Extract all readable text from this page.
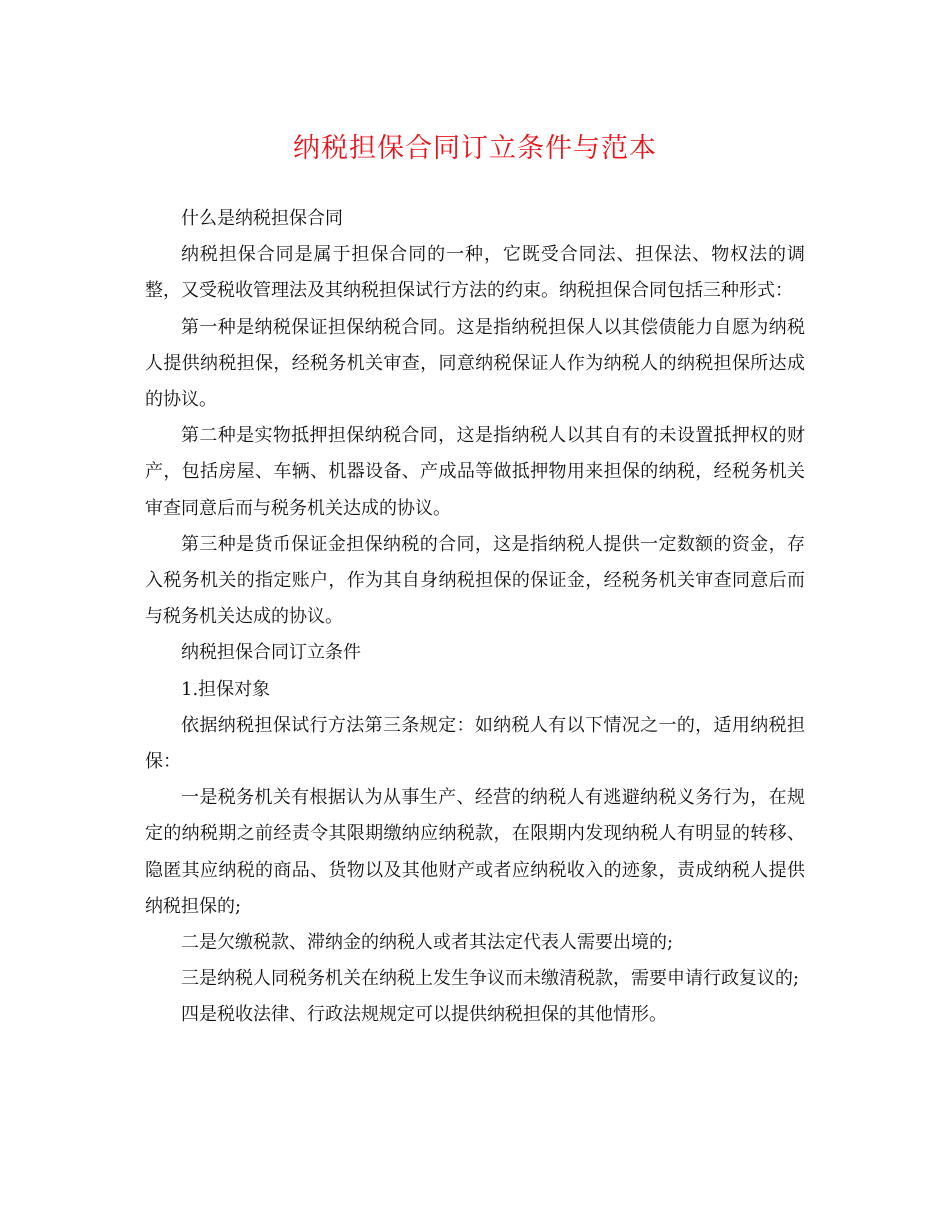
纳税担保合同订立条件与范本

什么是纳税担保合同

纳税担保合同是属于担保合同的一种，它既受合同法、担保法、物权法的调整，又受税收管理法及其纳税担保试行方法的约束。纳税担保合同包括三种形式：

第一种是纳税保证担保纳税合同。这是指纳税担保人以其偿债能力自愿为纳税人提供纳税担保，经税务机关审查，同意纳税保证人作为纳税人的纳税担保所达成的协议。

第二种是实物抵押担保纳税合同，这是指纳税人以其自有的未设置抵押权的财产，包括房屋、车辆、机器设备、产成品等做抵押物用来担保的纳税，经税务机关审查同意后而与税务机关达成的协议。

第三种是货币保证金担保纳税的合同，这是指纳税人提供一定数额的资金，存入税务机关的指定账户，作为其自身纳税担保的保证金，经税务机关审查同意后而与税务机关达成的协议。

纳税担保合同订立条件

1.担保对象

依据纳税担保试行方法第三条规定：如纳税人有以下情况之一的，适用纳税担保：

一是税务机关有根据认为从事生产、经营的纳税人有逃避纳税义务行为，在规定的纳税期之前经责令其限期缴纳应纳税款，在限期内发现纳税人有明显的转移、隐匿其应纳税的商品、货物以及其他财产或者应纳税收入的迹象，责成纳税人提供纳税担保的;

二是欠缴税款、滞纳金的纳税人或者其法定代表人需要出境的;

三是纳税人同税务机关在纳税上发生争议而未缴清税款，需要申请行政复议的;

四是税收法律、行政法规规定可以提供纳税担保的其他情形。
